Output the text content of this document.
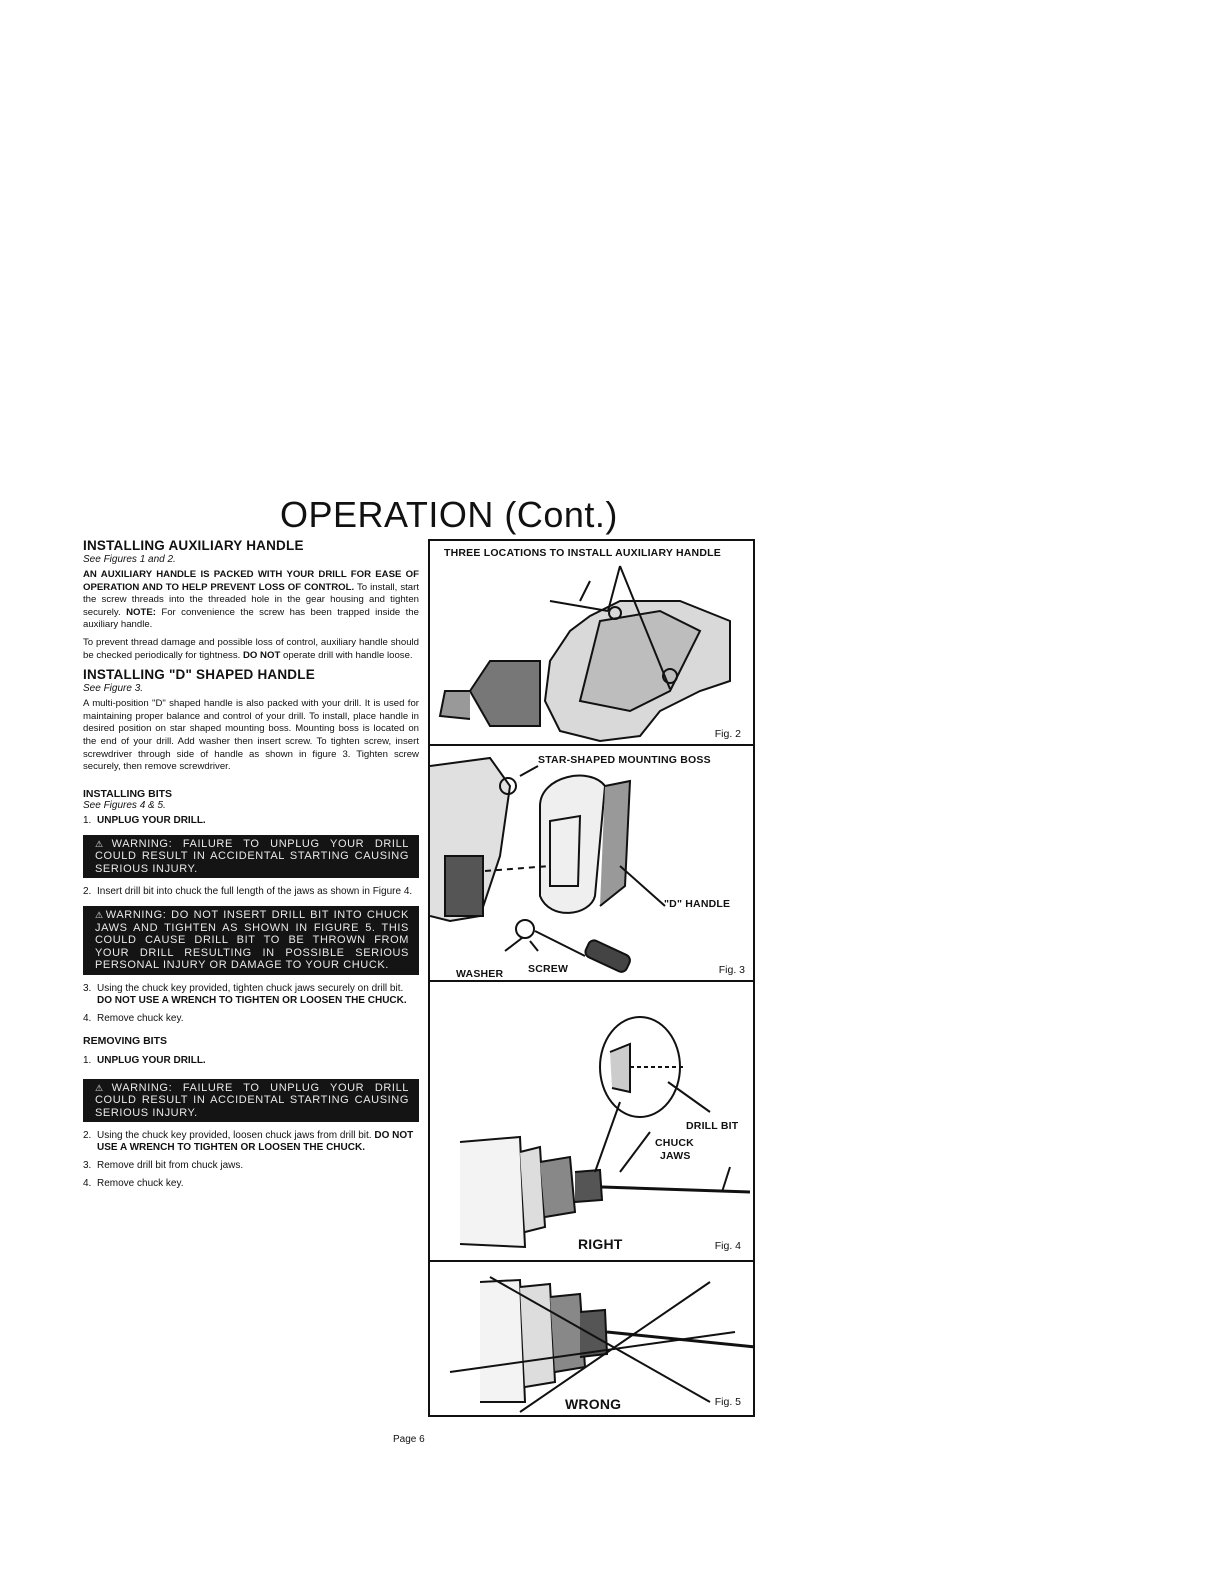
OPERATION (Cont.)
INSTALLING AUXILIARY HANDLE
See Figures 1 and 2.

AN AUXILIARY HANDLE IS PACKED WITH YOUR DRILL FOR EASE OF OPERATION AND TO HELP PREVENT LOSS OF CONTROL. To install, start the screw threads into the threaded hole in the gear housing and tighten securely. NOTE: For convenience the screw has been trapped inside the auxiliary handle.

To prevent thread damage and possible loss of control, auxiliary handle should be checked periodically for tightness. DO NOT operate drill with handle loose.

INSTALLING "D" SHAPED HANDLE
See Figure 3.

A multi-position "D" shaped handle is also packed with your drill. It is used for maintaining proper balance and control of your drill. To install, place handle in desired position on star shaped mounting boss. Mounting boss is located on the end of your drill. Add washer then insert screw. To tighten screw, insert screwdriver through side of handle as shown in figure 3. Tighten screw securely, then remove screwdriver.

INSTALLING BITS
See Figures 4 & 5.
1. UNPLUG YOUR DRILL.
⚠WARNING: FAILURE TO UNPLUG YOUR DRILL COULD RESULT IN ACCIDENTAL STARTING CAUSING SERIOUS INJURY.
2. Insert drill bit into chuck the full length of the jaws as shown in Figure 4.
⚠WARNING: DO NOT INSERT DRILL BIT INTO CHUCK JAWS AND TIGHTEN AS SHOWN IN FIGURE 5. THIS COULD CAUSE DRILL BIT TO BE THROWN FROM YOUR DRILL RESULTING IN POSSIBLE SERIOUS PERSONAL INJURY OR DAMAGE TO YOUR CHUCK.
3. Using the chuck key provided, tighten chuck jaws securely on drill bit. DO NOT USE A WRENCH TO TIGHTEN OR LOOSEN THE CHUCK.
4. Remove chuck key.
REMOVING BITS
1. UNPLUG YOUR DRILL.
⚠WARNING: FAILURE TO UNPLUG YOUR DRILL COULD RESULT IN ACCIDENTAL STARTING CAUSING SERIOUS INJURY.
2. Using the chuck key provided, loosen chuck jaws from drill bit. DO NOT USE A WRENCH TO TIGHTEN OR LOOSEN THE CHUCK.
3. Remove drill bit from chuck jaws.
4. Remove chuck key.
THREE LOCATIONS TO INSTALL AUXILIARY HANDLE
Fig. 2
STAR-SHAPED MOUNTING BOSS
"D" HANDLE
WASHER SCREW	Fig. 3
DRILL BIT
CHUCK
JAWS
RIGHT	Fig. 4
WRONG	Fig. 5
Page 6
